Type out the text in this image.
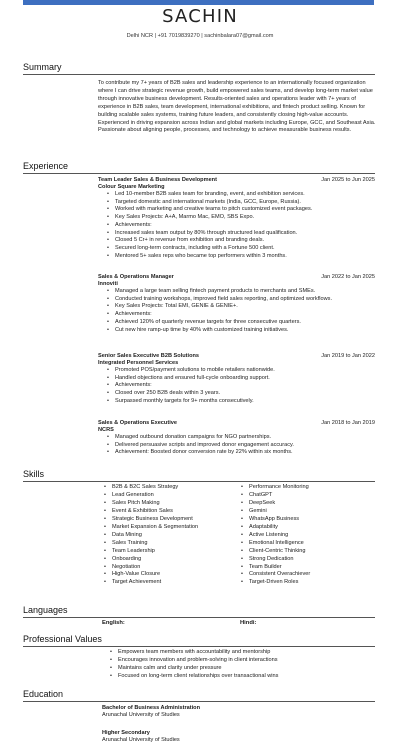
SACHIN
Delhi NCR | +91 7019839270 | sachinbalara07@gmail.com
Summary
To contribute my 7+ years of B2B sales and leadership experience to an internationally focused organization where I can drive strategic revenue growth, build empowered sales teams, and develop long-term market value through innovative business development. Results-oriented sales and operations leader with 7+ years of experience in B2B sales, team development, international exhibitions, and fintech product selling. Known for building scalable sales systems, training future leaders, and consistently closing high-value accounts. Experienced in driving expansion across Indian and global markets including Europe, GCC, and Southeast Asia. Passionate about aligning people, processes, and technology to achieve measurable business results.
Experience
Team Leader Sales & Business Development	Jan 2025 to Jun 2025
Colour Square Marketing
• Led 10-member B2B sales team for branding, event, and exhibition services.
• Targeted domestic and international markets (India, GCC, Europe, Russia).
• Worked with marketing and creative teams to pitch customized event packages.
• Key Sales Projects: A+A, Marmo Mac, EMO, SBS Expo.
• Achievements:
• Increased sales team output by 80% through structured lead qualification.
• Closed 5 Cr+ in revenue from exhibition and branding deals.
• Secured long-term contracts, including with a Fortune 500 client.
• Mentored 5+ sales reps who became top performers within 3 months.
Sales & Operations Manager	Jan 2022 to Jan 2025
Innoviti
• Managed a large team selling fintech payment products to merchants and SMEs.
• Conducted training workshops, improved field sales reporting, and optimized workflows.
• Key Sales Projects: Total EMI, GENIE & GENIE+.
• Achievements:
• Achieved 120% of quarterly revenue targets for three consecutive quarters.
• Cut new hire ramp-up time by 40% with customized training initiatives.
Senior Sales Executive B2B Solutions	Jan 2019 to Jan 2022
Integrated Personnel Services
• Promoted POS/payment solutions to mobile retailers nationwide.
• Handled objections and ensured full-cycle onboarding support.
• Achievements:
• Closed over 250 B2B deals within 3 years.
• Surpassed monthly targets for 9+ months consecutively.
Sales & Operations Executive	Jan 2018 to Jan 2019
NCRS
• Managed outbound donation campaigns for NGO partnerships.
• Delivered persuasive scripts and improved donor engagement accuracy.
• Achievement: Boosted donor conversion rate by 22% within six months.
Skills
• B2B & B2C Sales Strategy
• Lead Generation
• Sales Pitch Making
• Event & Exhibition Sales
• Strategic Business Development
• Market Expansion & Segmentation
• Data Mining
• Sales Training
• Team Leadership
• Onboarding
• Negotiation
• High-Value Closure
• Target Achievement
• Performance Monitoring
• ChatGPT
• DeepSeek
• Gemini
• WhatsApp Business
• Adaptability
• Active Listening
• Emotional Intelligence
• Client-Centric Thinking
• Strong Dedication
• Team Builder
• Consistent Overachiever
• Target-Driven Roles
Languages
English:	Hindi:
Professional Values
• Empowers team members with accountability and mentorship
• Encourages innovation and problem-solving in client interactions
• Maintains calm and clarity under pressure
• Focused on long-term client relationships over transactional wins
Education
Bachelor of Business Administration
Arunachal University of Studies
Higher Secondary
Arunachal University of Studies
